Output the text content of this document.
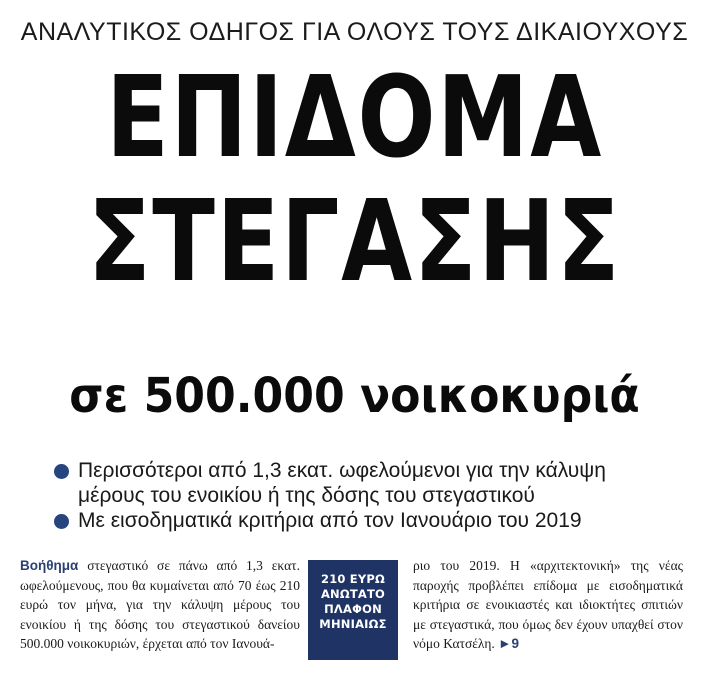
ΑΝΑΛΥΤΙΚΟΣ ΟΔΗΓΟΣ ΓΙΑ ΟΛΟΥΣ ΤΟΥΣ ΔΙΚΑΙΟΥΧΟΥΣ
ΕΠΙΔΟΜΑ
ΣΤΕΓΑΣΗΣ
σε 500.000 νοικοκυριά
Περισσότεροι από 1,3 εκατ. ωφελούμενοι για την κάλυψη
μέρους του ενοικίου ή της δόσης του στεγαστικού
Με εισοδηματικά κριτήρια από τον Ιανουάριο του 2019

Βοήθημα στεγαστικό σε πάνω από 1,3 εκατ. ωφελούμενους, που θα κυμαίνεται από 70 έως 210 ευρώ τον μήνα, για την κάλυψη μέρους του ενοικίου ή της δόσης του στεγαστικού δανείου 500.000 νοικοκυριών, έρχεται από τον Ιανουά-

210 ΕΥΡΩ
ΑΝΩΤΑΤΟ
ΠΛΑΦΟΝ
ΜΗΝΙΑΙΩΣ

ριο του 2019. Η «αρχιτεκτονική» της νέας παροχής προβλέπει επίδομα με εισοδηματικά κριτήρια σε ενοικιαστές και ιδιοκτήτες σπιτιών με στεγαστικά, που όμως δεν έχουν υπαχθεί στον νόμο Κατσέλη. ►9
